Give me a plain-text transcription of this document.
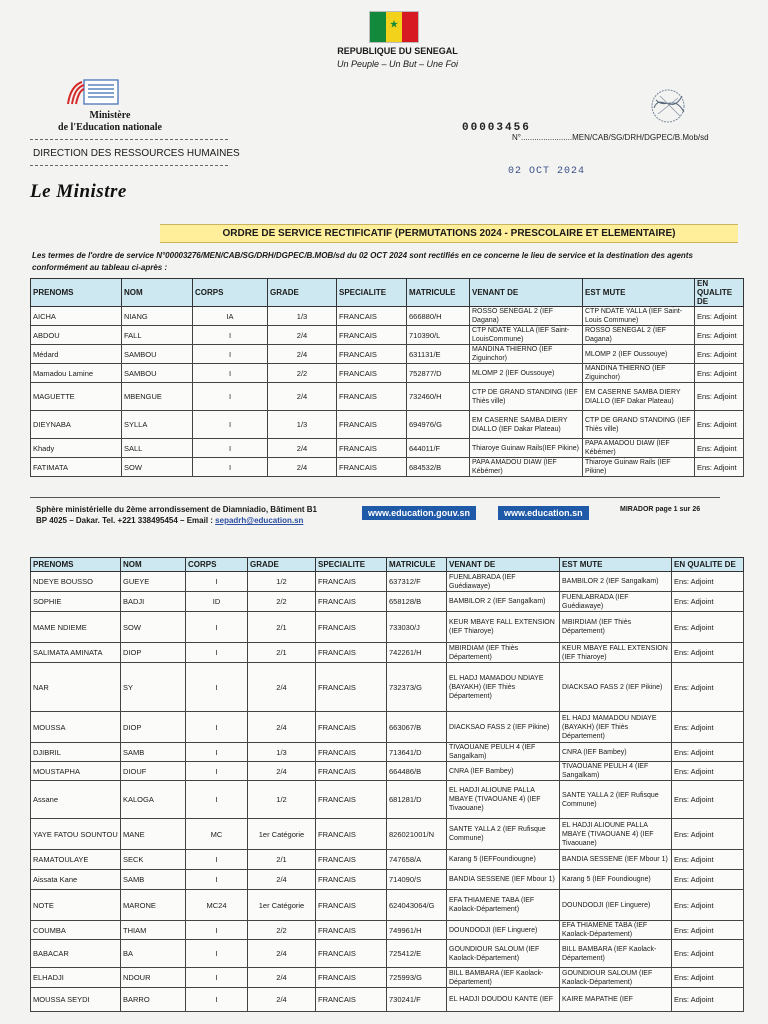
REPUBLIQUE DU SENEGAL
Un Peuple – Un But – Une Foi
Ministère
de l'Education nationale
DIRECTION DES RESSOURCES HUMAINES
Le Ministre
00003456
N°.......................MEN/CAB/SG/DRH/DGPEC/B.Mob/sd
02 OCT 2024
ORDRE DE SERVICE RECTIFICATIF (PERMUTATIONS 2024 - PRESCOLAIRE ET ELEMENTAIRE)
Les termes de l'ordre de service N°00003276/MEN/CAB/SG/DRH/DGPEC/B.MOB/sd du 02 OCT 2024 sont rectifiés en ce concerne le lieu de service et la destination des agents conformément au tableau ci-après :
PRENOMS	NOM	CORPS	GRADE	SPECIALITE	MATRICULE	VENANT DE	EST MUTE	EN QUALITE DE
AICHA	NIANG	IA	1/3	FRANCAIS	666880/H	ROSSO SENEGAL 2 (IEF Dagana)	CTP NDATE YALLA (IEF Saint-Louis Commune)	Ens: Adjoint
ABDOU	FALL	I	2/4	FRANCAIS	710390/L	CTP NDATE YALLA (IEF Saint-LouisCommune)	ROSSO SENEGAL 2 (IEF Dagana)	Ens: Adjoint
Médard	SAMBOU	I	2/4	FRANCAIS	631131/E	MANDINA THIERNO (IEF Ziguinchor)	MLOMP 2 (IEF Oussouye)	Ens: Adjoint
Mamadou Lamine	SAMBOU	I	2/2	FRANCAIS	752877/D	MLOMP 2 (IEF Oussouye)	MANDINA THIERNO (IEF Ziguinchor)	Ens: Adjoint
MAGUETTE	MBENGUE	I	2/4	FRANCAIS	732460/H	CTP DE GRAND STANDING (IEF Thiès ville)	EM CASERNE SAMBA DIERY DIALLO (IEF Dakar Plateau)	Ens: Adjoint
DIEYNABA	SYLLA	I	1/3	FRANCAIS	694976/G	EM CASERNE SAMBA DIERY DIALLO (IEF Dakar Plateau)	CTP DE GRAND STANDING (IEF Thiès ville)	Ens: Adjoint
Khady	SALL	I	2/4	FRANCAIS	644011/F	Thiaroye Guinaw Rails(IEF Pikine)	PAPA AMADOU DIAW (IEF Kébémer)	Ens: Adjoint
FATIMATA	SOW	I	2/4	FRANCAIS	684532/B	PAPA AMADOU DIAW (IEF Kébémer)	Thiaroye Guinaw Rails (IEF Pikine)	Ens: Adjoint
Sphère ministérielle du 2ème arrondissement de Diamniadio, Bâtiment B1
BP 4025 – Dakar. Tel. +221 338495454 – Email : sepadrh@education.sn
www.education.gouv.sn	www.education.sn	MIRADOR page 1 sur 26
PRENOMS	NOM	CORPS	GRADE	SPECIALITE	MATRICULE	VENANT DE	EST MUTE	EN QUALITE DE
NDEYE BOUSSO	GUEYE	I	1/2	FRANCAIS	637312/F	FUENLABRADA (IEF Guédiawaye)	BAMBILOR 2 (IEF Sangalkam)	Ens: Adjoint
SOPHIE	BADJI	ID	2/2	FRANCAIS	658128/B	BAMBILOR 2 (IEF Sangalkam)	FUENLABRADA (IEF Guédiawaye)	Ens: Adjoint
MAME NDIEME	SOW	I	2/1	FRANCAIS	733030/J	KEUR MBAYE FALL EXTENSION (IEF Thiaroye)	MBIRDIAM (IEF Thiès Département)	Ens: Adjoint
SALIMATA AMINATA	DIOP	I	2/1	FRANCAIS	742261/H	MBIRDIAM (IEF Thiès Département)	KEUR MBAYE FALL EXTENSION (IEF Thiaroye)	Ens: Adjoint
NAR	SY	I	2/4	FRANCAIS	732373/G	EL HADJ MAMADOU NDIAYE (BAYAKH) (IEF Thiès Département)	DIACKSAO FASS 2 (IEF Pikine)	Ens: Adjoint
MOUSSA	DIOP	I	2/4	FRANCAIS	663067/B	DIACKSAO FASS 2 (IEF Pikine)	EL HADJ MAMADOU NDIAYE (BAYAKH) (IEF Thiès Département)	Ens: Adjoint
DJIBRIL	SAMB	I	1/3	FRANCAIS	713641/D	TIVAOUANE PEULH 4 (IEF Sangalkam)	CNRA (IEF Bambey)	Ens: Adjoint
MOUSTAPHA	DIOUF	I	2/4	FRANCAIS	664486/B	CNRA (IEF Bambey)	TIVAOUANE PEULH 4 (IEF Sangalkam)	Ens: Adjoint
Assane	KALOGA	I	1/2	FRANCAIS	681281/D	EL HADJI ALIOUNE PALLA MBAYE (TIVAOUANE 4) (IEF Tivaouane)	SANTE YALLA 2 (IEF Rufisque Commune)	Ens: Adjoint
YAYE FATOU SOUNTOU	MANE	MC	1er Catégorie	FRANCAIS	826021001/N	SANTE YALLA 2 (IEF Rufisque Commune)	EL HADJI ALIOUNE PALLA MBAYE (TIVAOUANE 4) (IEF Tivaouane)	Ens: Adjoint
RAMATOULAYE	SECK	I	2/1	FRANCAIS	747658/A	Karang 5 (IEFFoundiougne)	BANDIA SESSENE (IEF Mbour 1)	Ens: Adjoint
Aissata Kane	SAMB	I	2/4	FRANCAIS	714090/S	BANDIA SESSENE (IEF Mbour 1)	Karang 5 (IEF Foundiougne)	Ens: Adjoint
NOTE	MARONE	MC24	1er Catégorie	FRANCAIS	624043064/G	EFA THIAMENE TABA (IEF Kaolack-Département)	DOUNDODJI (IEF Linguere)	Ens: Adjoint
COUMBA	THIAM	I	2/2	FRANCAIS	749961/H	DOUNDODJI (IEF Linguere)	EFA THIAMENE TABA (IEF Kaolack-Département)	Ens: Adjoint
BABACAR	BA	I	2/4	FRANCAIS	725412/E	GOUNDIOUR SALOUM (IEF Kaolack-Département)	BILL BAMBARA (IEF Kaolack-Département)	Ens: Adjoint
ELHADJI	NDOUR	I	2/4	FRANCAIS	725993/G	BILL BAMBARA (IEF Kaolack-Département)	GOUNDIOUR SALOUM (IEF Kaolack-Département)	Ens: Adjoint
MOUSSA SEYDI	BARRO	I	2/4	FRANCAIS	730241/F	EL HADJI DOUDOU KANTE (IEF	KAIRE MAPATHE (IEF	Ens: Adjoint
